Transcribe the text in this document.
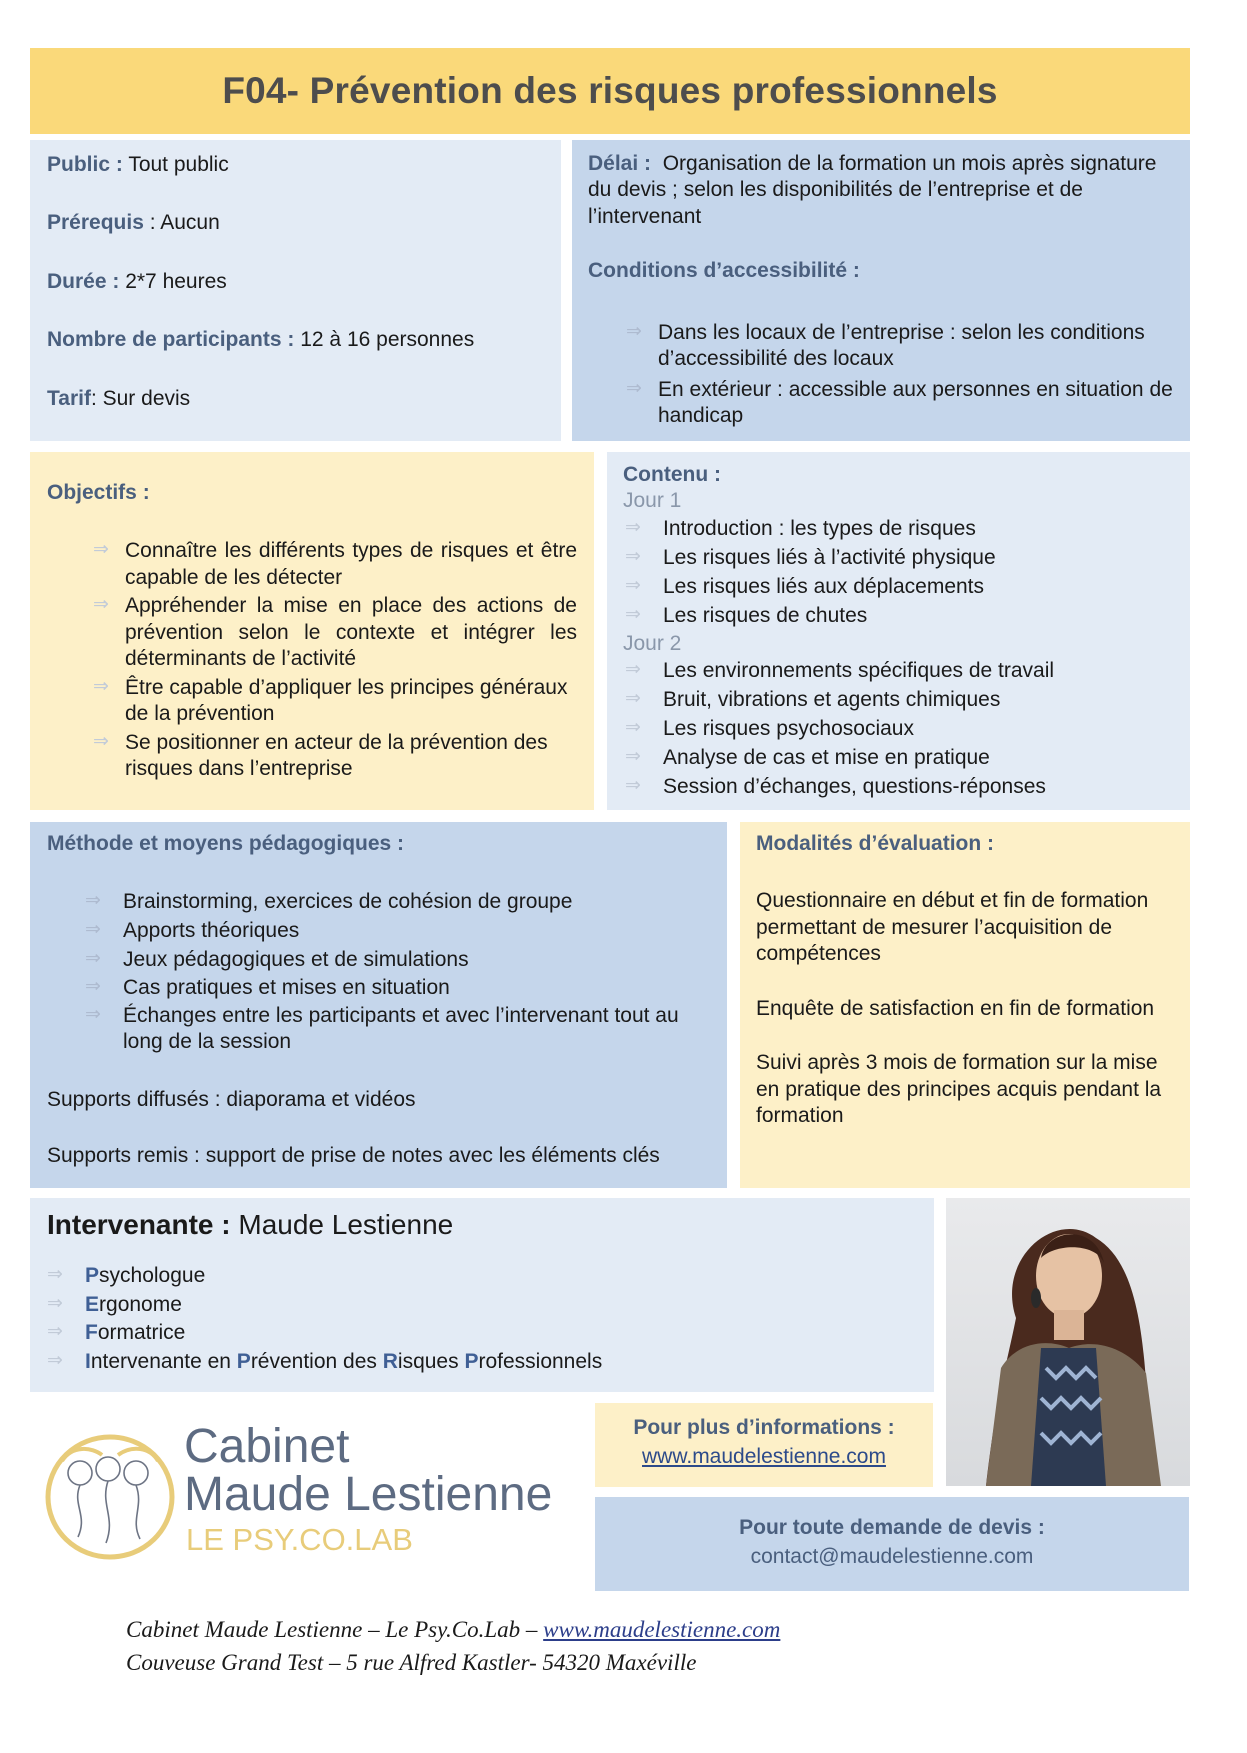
F04- Prévention des risques professionnels
Public : Tout public
Prérequis : Aucun
Durée : 2*7 heures
Nombre de participants : 12 à 16 personnes
Tarif: Sur devis
Délai : Organisation de la formation un mois après signature du devis ; selon les disponibilités de l’entreprise et de l’intervenant
Conditions d’accessibilité :
⇒ Dans les locaux de l’entreprise : selon les conditions d’accessibilité des locaux
⇒ En extérieur : accessible aux personnes en situation de handicap
Objectifs :
⇒ Connaître les différents types de risques et être capable de les détecter
⇒ Appréhender la mise en place des actions de prévention selon le contexte et intégrer les déterminants de l’activité
⇒ Être capable d’appliquer les principes généraux de la prévention
⇒ Se positionner en acteur de la prévention des risques dans l’entreprise
Contenu :
Jour 1
⇒	Introduction : les types de risques
⇒	Les risques liés à l’activité physique
⇒	Les risques liés aux déplacements
⇒	Les risques de chutes
Jour 2
⇒	Les environnements spécifiques de travail
⇒	Bruit, vibrations et agents chimiques
⇒	Les risques psychosociaux
⇒	Analyse de cas et mise en pratique
⇒	Session d’échanges, questions-réponses
Méthode et moyens pédagogiques :
⇒	Brainstorming, exercices de cohésion de groupe
⇒	Apports théoriques
⇒	Jeux pédagogiques et de simulations
⇒	Cas pratiques et mises en situation
⇒	Échanges entre les participants et avec l’intervenant tout au long de la session
Supports diffusés : diaporama et vidéos
Supports remis : support de prise de notes avec les éléments clés
Modalités d’évaluation :
Questionnaire en début et fin de formation permettant de mesurer l’acquisition de compétences
Enquête de satisfaction en fin de formation
Suivi après 3 mois de formation sur la mise en pratique des principes acquis pendant la formation
Intervenante : Maude Lestienne
⇒	Psychologue
⇒	Ergonome
⇒	Formatrice
⇒	Intervenante en Prévention des Risques Professionnels
Cabinet
Maude Lestienne
LE PSY.CO.LAB
Pour plus d’informations :
www.maudelestienne.com
Pour toute demande de devis :
contact@maudelestienne.com
Cabinet Maude Lestienne – Le Psy.Co.Lab – www.maudelestienne.com
Couveuse Grand Test – 5 rue Alfred Kastler- 54320 Maxéville
